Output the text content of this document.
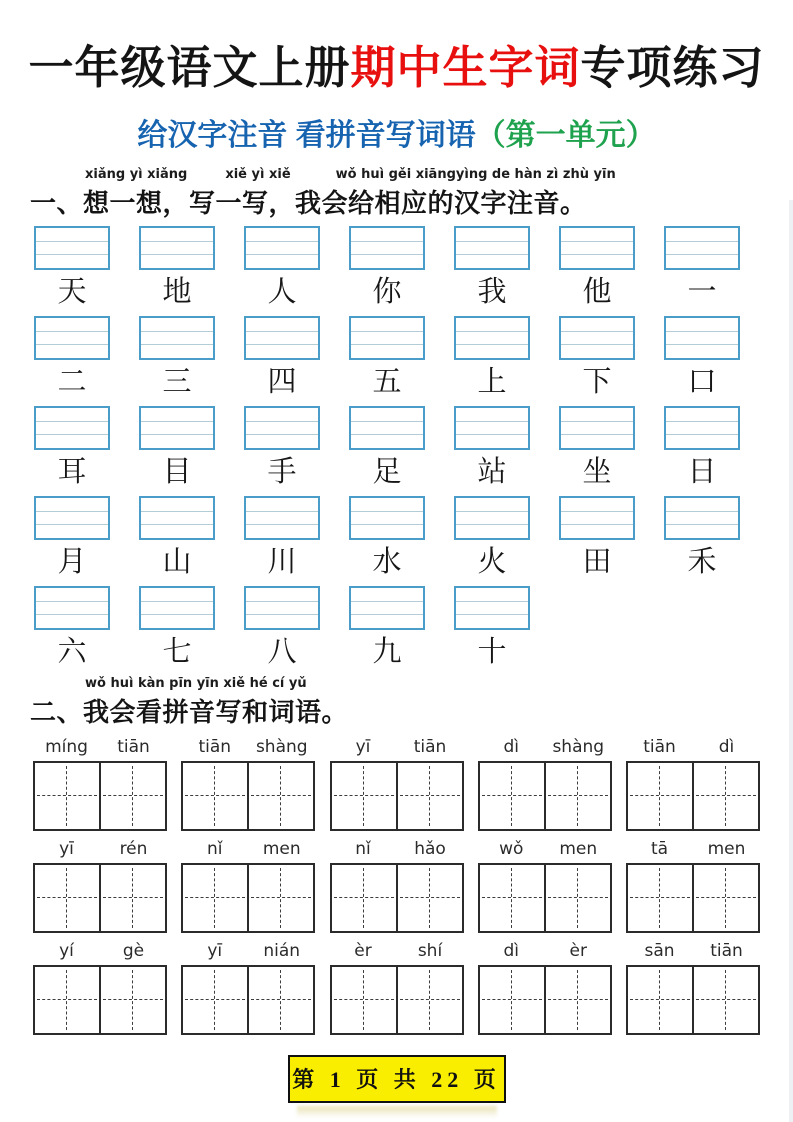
一年级语文上册期中生字词专项练习
给汉字注音 看拼音写词语（第一单元）
xiǎng yì xiǎng	xiě yì xiě	wǒ huì gěi xiāngyìng de hàn zì zhù yīn
一、想一想，写一写，我会给相应的汉字注音。
天	地	人	你	我	他	一
二	三	四	五	上	下	口
耳	目	手	足	站	坐	日
月	山	川	水	火	田	禾
六	七	八	九	十
wǒ huì kàn pīn yīn xiě hé cí yǔ
二、我会看拼音写和词语。
míng	tiān	tiān	shàng	yī	tiān	dì	shàng	tiān	dì
yī	rén	nǐ	men	nǐ	hǎo	wǒ	men	tā	men
yí	gè	yī	nián	èr	shí	dì	èr	sān	tiān
第 1 页 共 22 页
